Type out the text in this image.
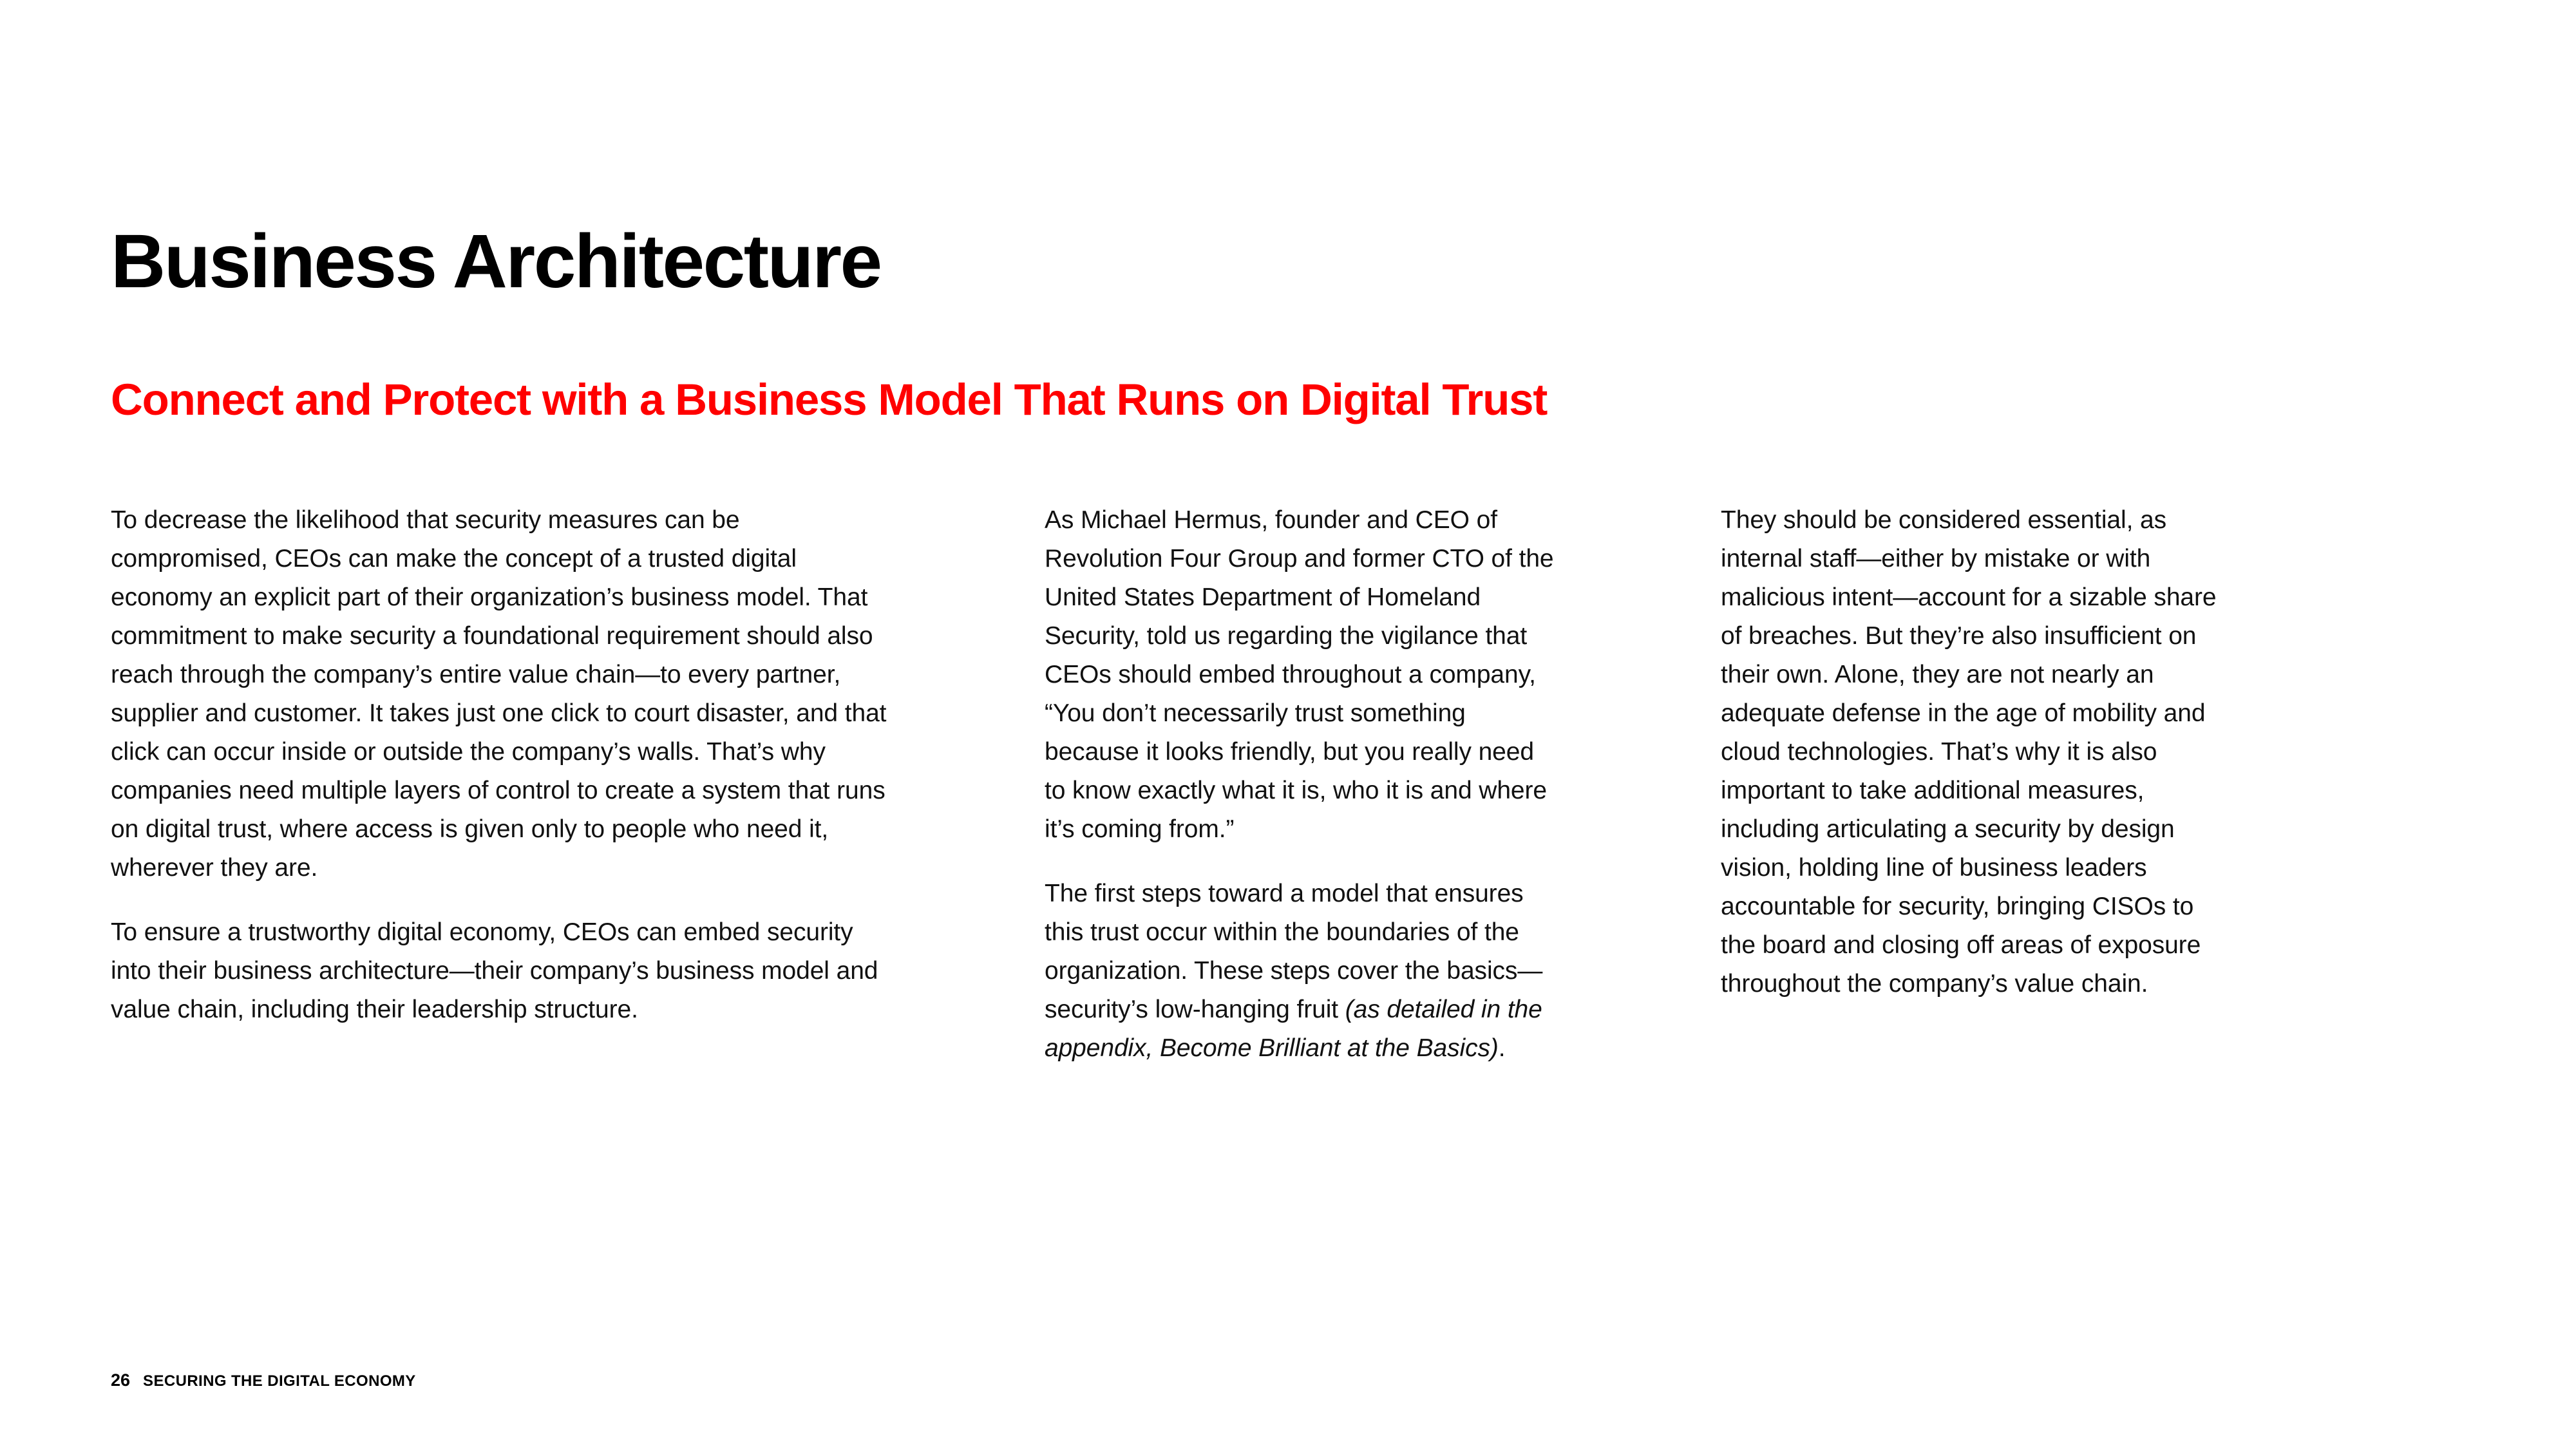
Business Architecture
Connect and Protect with a Business Model That Runs on Digital Trust

To decrease the likelihood that security measures can be compromised, CEOs can make the concept of a trusted digital economy an explicit part of their organization’s business model. That commitment to make security a foundational requirement should also reach through the company’s entire value chain—to every partner, supplier and customer. It takes just one click to court disaster, and that click can occur inside or outside the company’s walls. That’s why companies need multiple layers of control to create a system that runs on digital trust, where access is given only to people who need it, wherever they are.

To ensure a trustworthy digital economy, CEOs can embed security into their business architecture—their company’s business model and value chain, including their leadership structure.

As Michael Hermus, founder and CEO of Revolution Four Group and former CTO of the United States Department of Homeland Security, told us regarding the vigilance that CEOs should embed throughout a company, “You don’t necessarily trust something because it looks friendly, but you really need to know exactly what it is, who it is and where it’s coming from.”

The first steps toward a model that ensures this trust occur within the boundaries of the organization. These steps cover the basics—security’s low-hanging fruit (as detailed in the appendix, Become Brilliant at the Basics).

They should be considered essential, as internal staff—either by mistake or with malicious intent—account for a sizable share of breaches. But they’re also insufficient on their own. Alone, they are not nearly an adequate defense in the age of mobility and cloud technologies. That’s why it is also important to take additional measures, including articulating a security by design vision, holding line of business leaders accountable for security, bringing CISOs to the board and closing off areas of exposure throughout the company’s value chain.

26 SECURING THE DIGITAL ECONOMY
